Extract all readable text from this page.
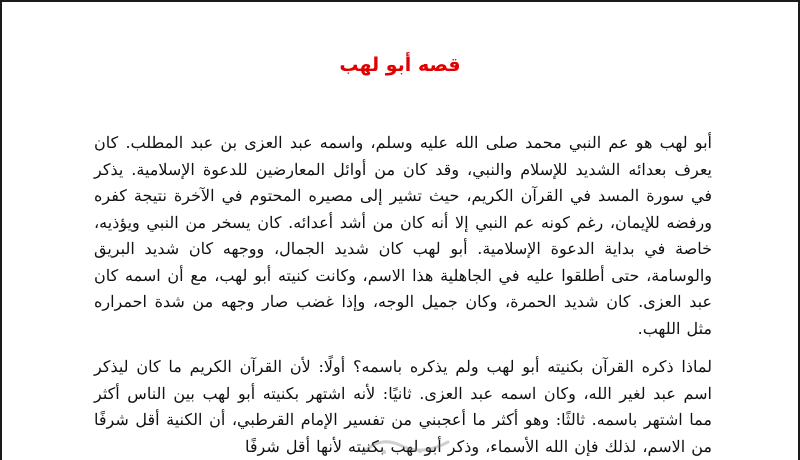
قصه أبو لهب
أبو لهب هو عم النبي محمد صلى الله عليه وسلم، واسمه عبد العزى بن عبد المطلب. كان يعرف بعدائه الشديد للإسلام والنبي، وقد كان من أوائل المعارضين للدعوة الإسلامية. يذكر في سورة المسد في القرآن الكريم، حيث تشير إلى مصيره المحتوم في الآخرة نتيجة كفره ورفضه للإيمان، رغم كونه عم النبي إلا أنه كان من أشد أعدائه. كان يسخر من النبي ويؤذيه، خاصة في بداية الدعوة الإسلامية. أبو لهب كان شديد الجمال، ووجهه كان شديد البريق والوسامة، حتى أطلقوا عليه في الجاهلية هذا الاسم، وكانت كنيته أبو لهب، مع أن اسمه كان عبد العزى. كان شديد الحمرة، وكان جميل الوجه، وإذا غضب صار وجهه من شدة احمراره مثل اللهب.
لماذا ذكره القرآن بكنيته أبو لهب ولم يذكره باسمه؟ أولًا: لأن القرآن الكريم ما كان ليذكر اسم عبد لغير الله، وكان اسمه عبد العزى. ثانيًا: لأنه اشتهر بكنيته أبو لهب بين الناس أكثر مما اشتهر باسمه. ثالثًا: وهو أكثر ما أعجبني من تفسير الإمام القرطبي، أن الكنية أقل شرفًا من الاسم، لذلك فإن الله الأسماء، وذكر أبو لهب بكنيته لأنها أقل شرفًا
